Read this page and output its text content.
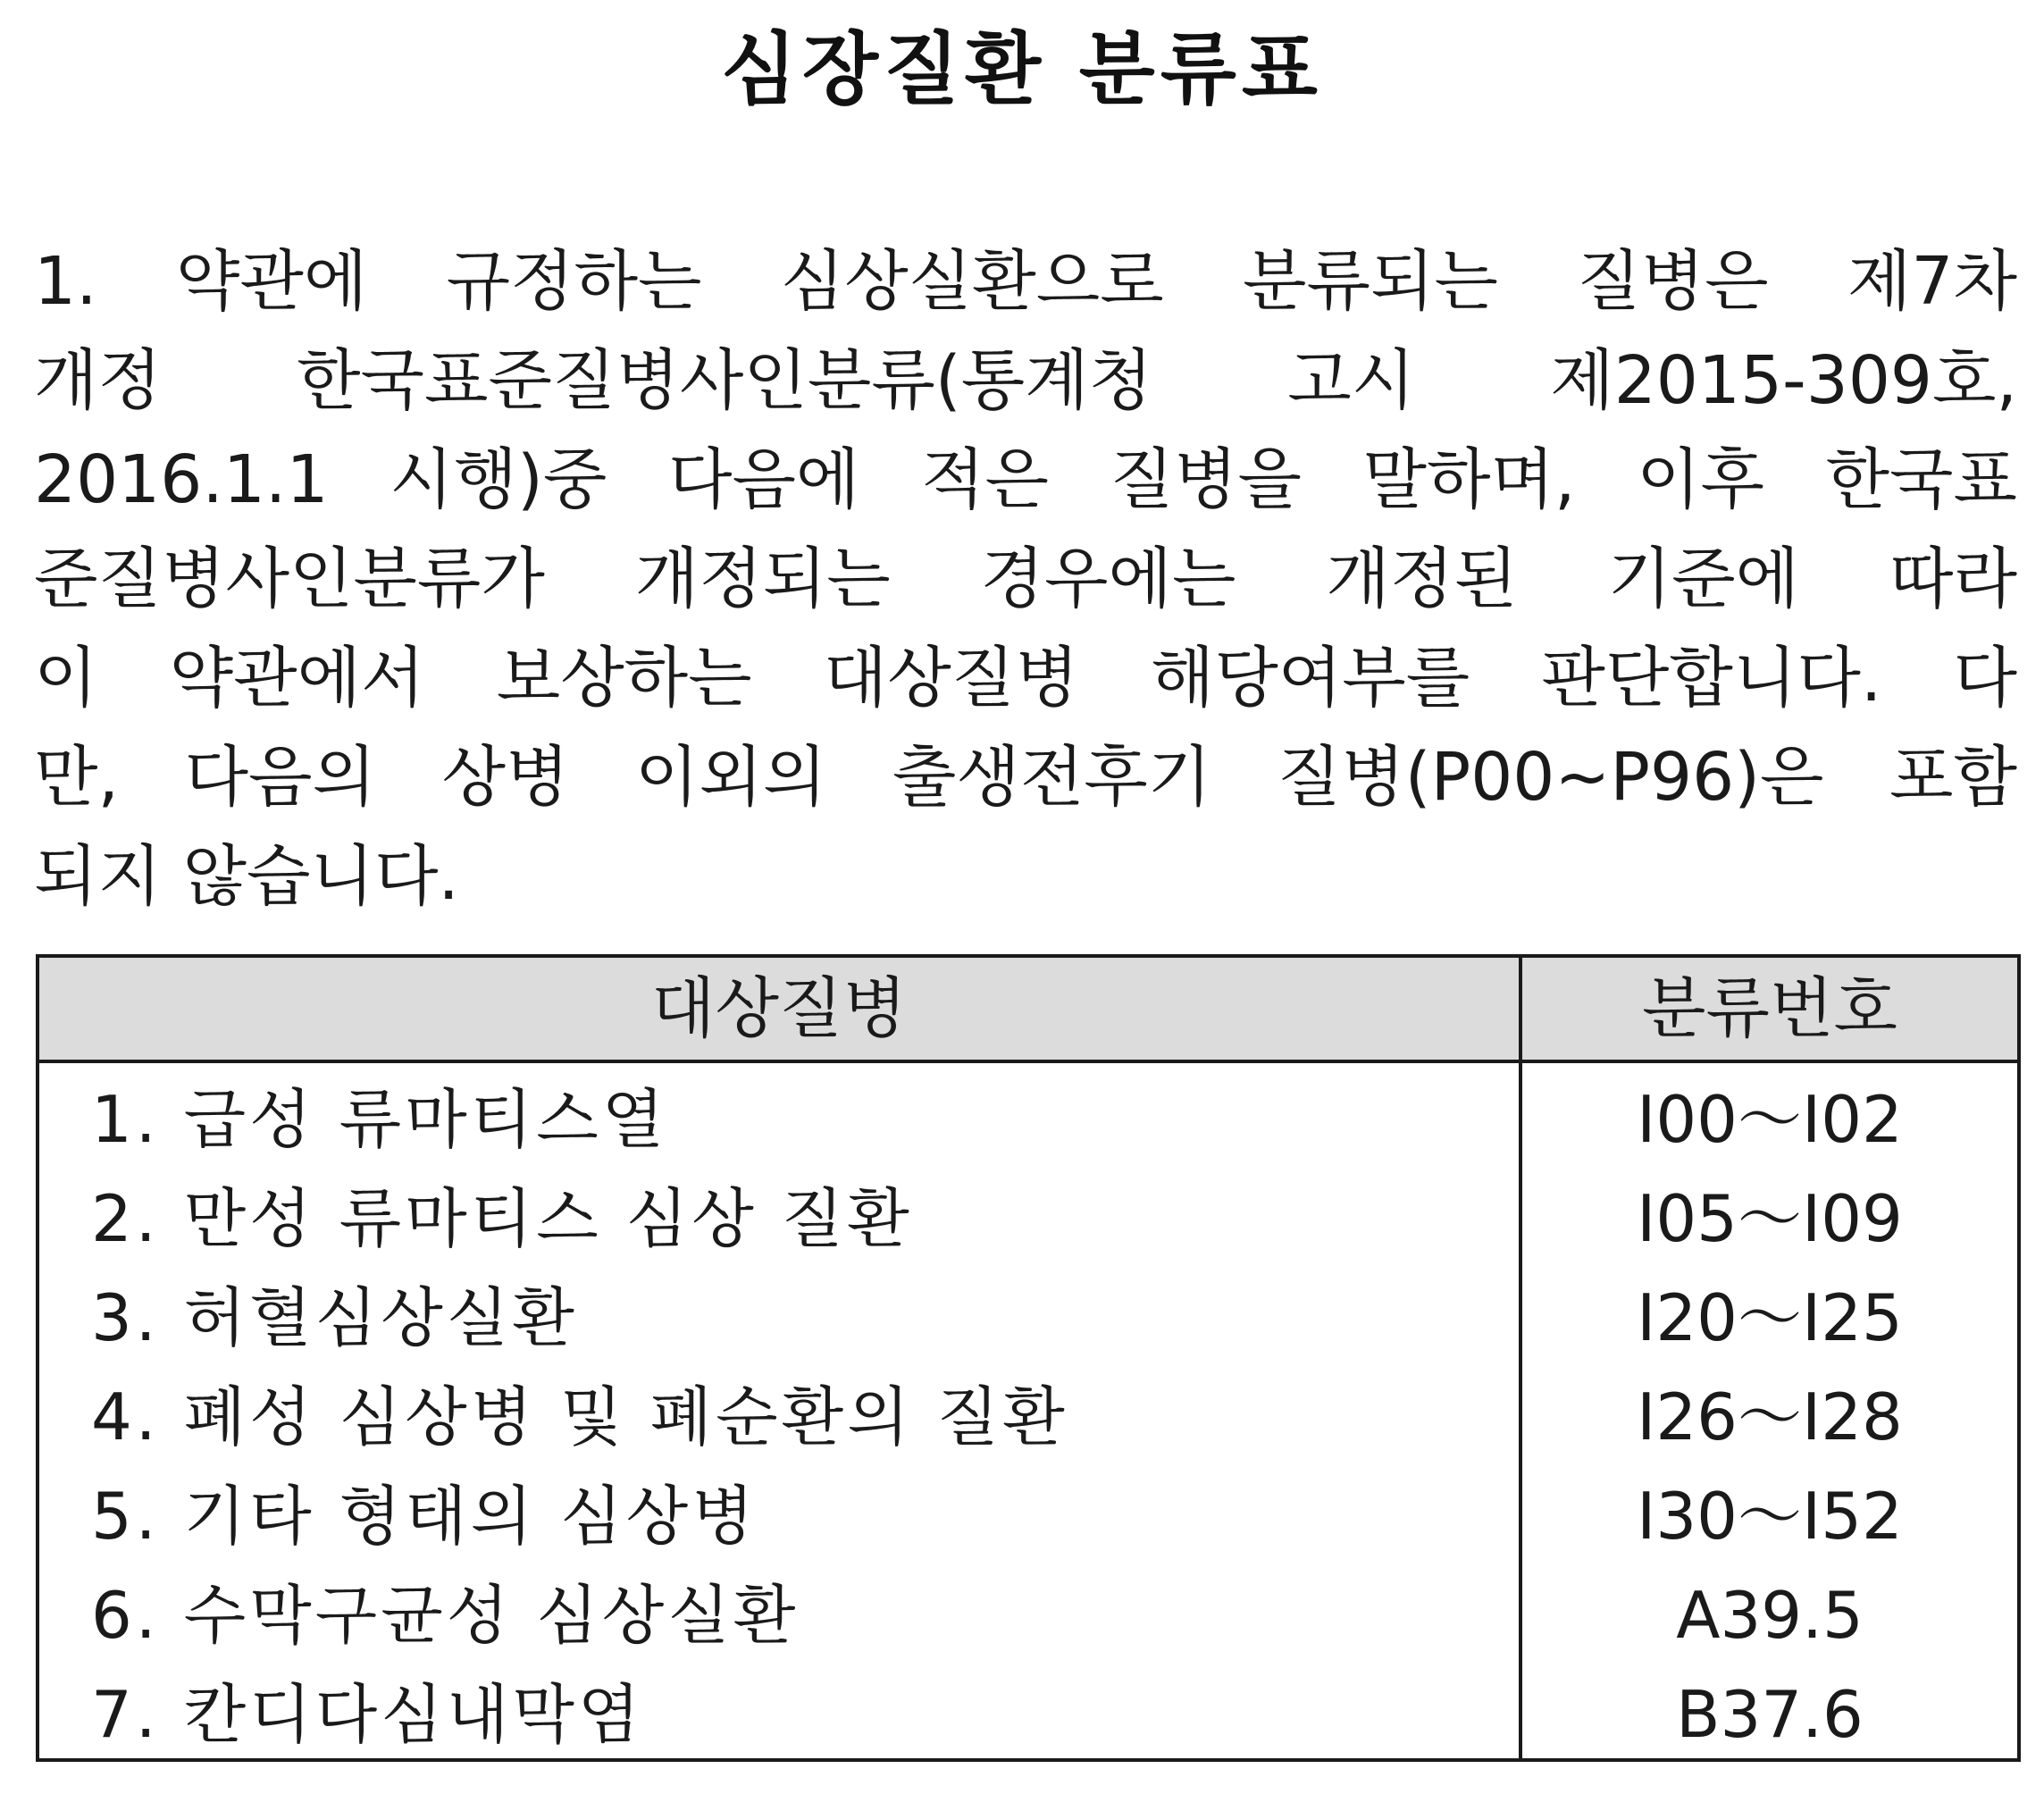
심장질환 분류표
1. 약관에 규정하는 심상실환으로 분류되는 질병은 제7차
개정 한국표준질병사인분류(통계청 고시 제2015-309호,
2016.1.1 시행)중 다음에 적은 질병을 말하며, 이후 한국표
준질병사인분류가 개정되는 경우에는 개정된 기준에 따라
이 약관에서 보상하는 대상질병 해당여부를 판단합니다. 다
만, 다음의 상병 이외의 출생전후기 질병(P00~P96)은 포함
되지 않습니다.
대상질병	분류번호
1. 급성 류마티스열	I00～I02
2. 만성 류마티스 심상 질환	I05～I09
3. 허혈심상실환	I20～I25
4. 폐성 심상병 및 폐순환의 질환	I26～I28
5. 기타 형태의 심상병	I30～I52
6. 수막구균성 심상실환	A39.5
7. 칸디다심내막염	B37.6
